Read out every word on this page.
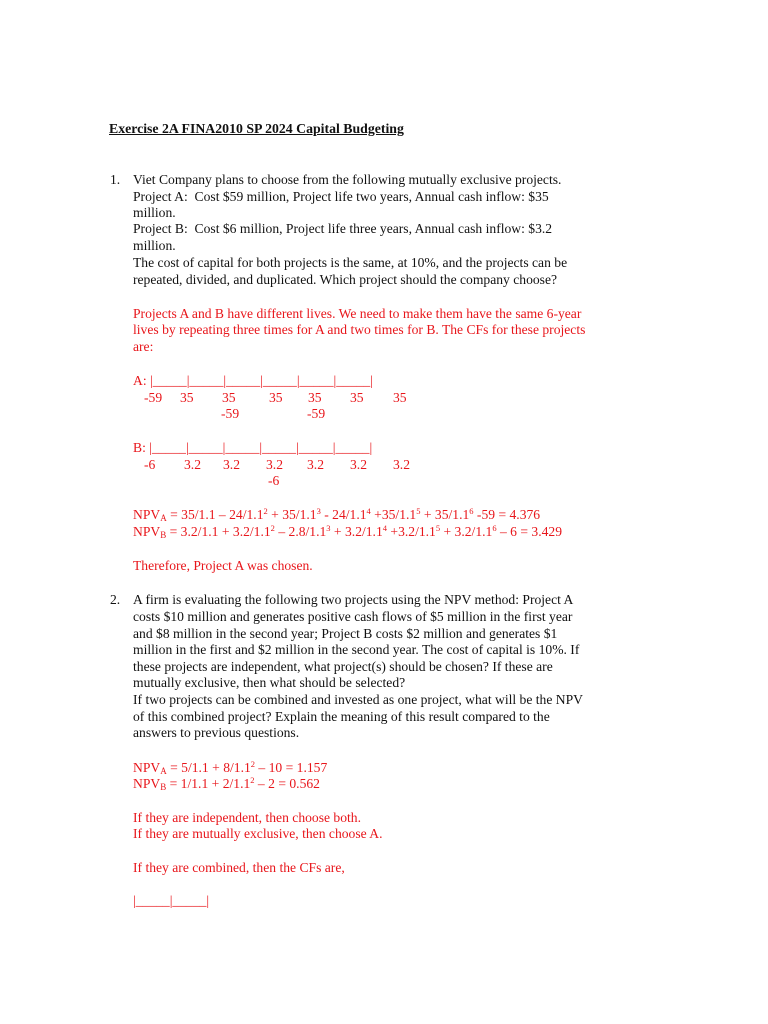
Exercise 2A FINA2010 SP 2024 Capital Budgeting
1. Viet Company plans to choose from the following mutually exclusive projects.
Project A:  Cost $59 million, Project life two years, Annual cash inflow: $35
million.
Project B:  Cost $6 million, Project life three years, Annual cash inflow: $3.2
million.
The cost of capital for both projects is the same, at 10%, and the projects can be
repeated, divided, and duplicated. Which project should the company choose?
Projects A and B have different lives. We need to make them have the same 6-year
lives by repeating three times for A and two times for B. The CFs for these projects
are:
A: |_____|_____|_____|_____|_____|_____|
-59 35 35 35 35 35 35
-59	-59
B: |_____|_____|_____|_____|_____|_____|
-6 3.2 3.2 3.2 3.2 3.2 3.2
-6
$NPV_A = 35/1.1 - 24/1.1^2 + 35/1.1^3 - 24/1.1^4 +35/1.1^5 + 35/1.1^6$ -59 = 4.376
$NPV_B = 3.2/1.1 + 3.2/1.1^2 - 2.8/1.1^3 + 3.2/1.1^4 +3.2/1.1^5 + 3.2/1.1^6 - 6 = 3.429$
Therefore, Project A was chosen.
2. A firm is evaluating the following two projects using the NPV method: Project A
costs $10 million and generates positive cash flows of $5 million in the first year
and $8 million in the second year; Project B costs $2 million and generates $1
million in the first and $2 million in the second year. The cost of capital is 10%. If
these projects are independent, what project(s) should be chosen? If these are
mutually exclusive, then what should be selected?
If two projects can be combined and invested as one project, what will be the NPV
of this combined project? Explain the meaning of this result compared to the
answers to previous questions.
$NPV_A = 5/1.1 + 8/1.1^2 - 10 = 1.157$
$NPV_B = 1/1.1 + 2/1.1^2 - 2 = 0.562$
If they are independent, then choose both.
If they are mutually exclusive, then choose A.
If they are combined, then the CFs are,
|_____|_____|
